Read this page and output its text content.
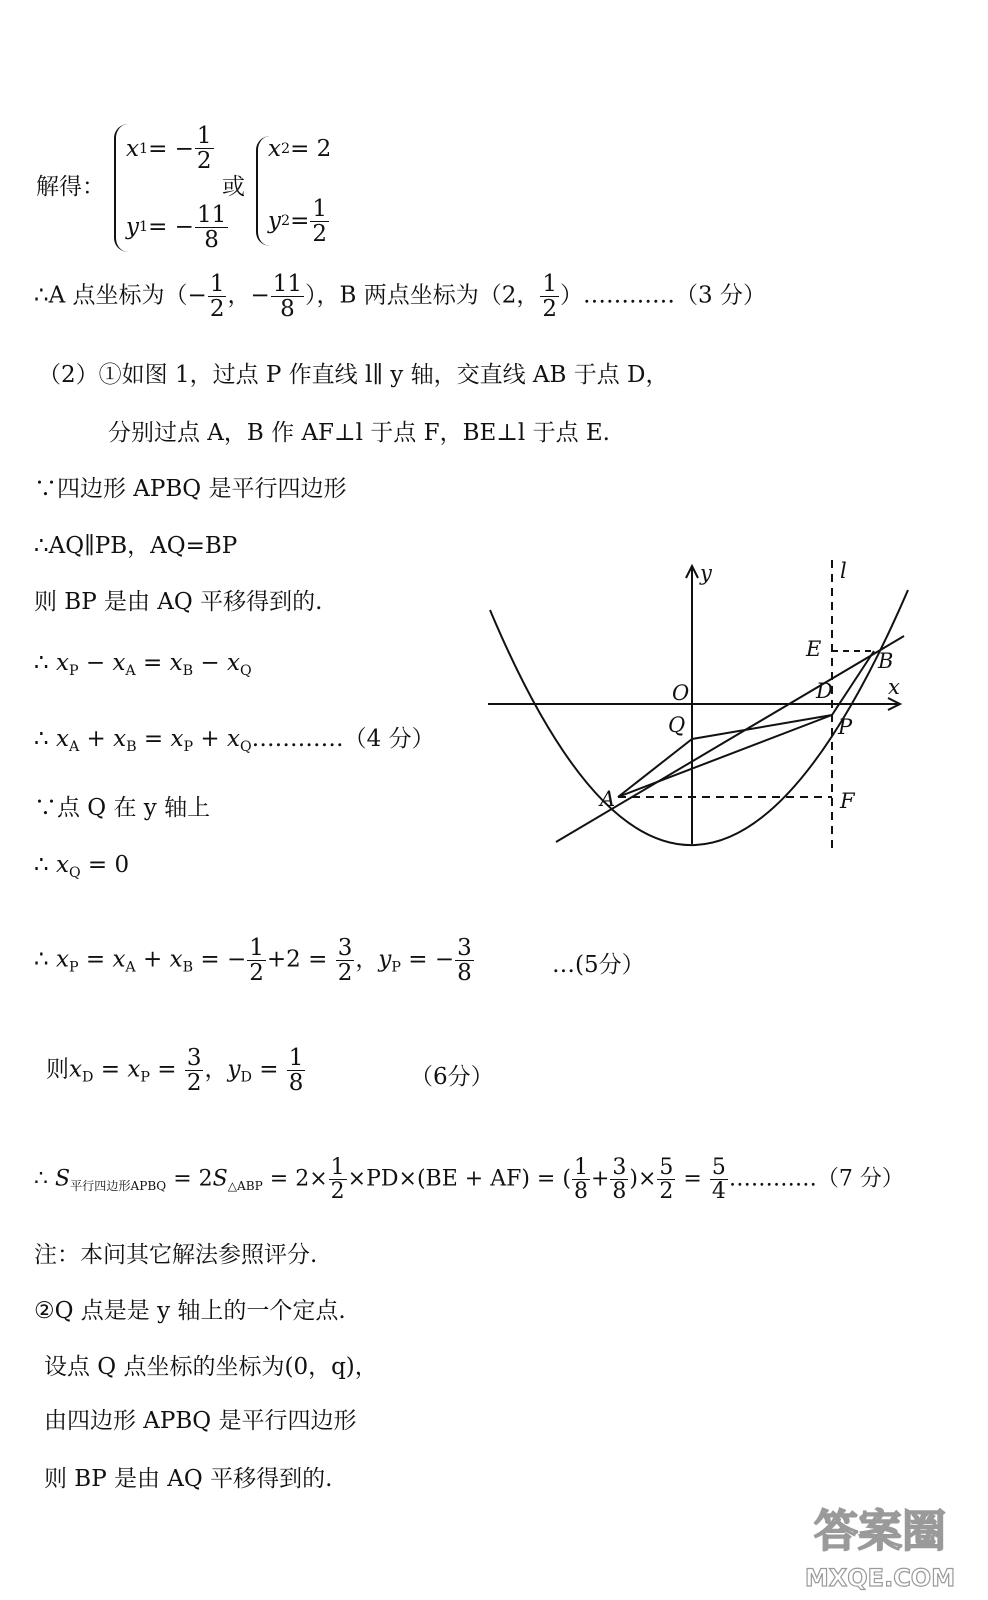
解得：
x 1 = − $\frac{1}{2}$
y 1 = − $\frac{11}{8}$
或
x 2 = 2
y $2 = \frac{1}{2}$
∴A 点坐标为（− $\frac{1}{2}$ ，− $\frac{11}{8}$ ），B 两点坐标为（2， $\frac{1}{2}$ ）…………（3 分）
（2）①如图 1，过点 P 作直线 l∥ y 轴，交直线 AB 于点 D，
分别过点 A，B 作 AF⊥l 于点 F，BE⊥l 于点 E.
∵四边形 APBQ 是平行四边形
∴AQ∥PB，AQ=BP
则 BP 是由 AQ 平移得到的.
∴ $x_P - x_A = x_B - x_Q$
∴ $x_A + x_B = x_P$ + $x_Q\dots\dots\dots\dots(4$ 分）
∵点 Q 在 y 轴上
∴ $x_Q = 0$
∴ $x_P = x_A + x_B$ = − $\frac{1}{2} +2 = \frac{3}{2}$ ，$y_P$ = − $\frac{3}{8}$	…(5分）
则$x_D = x_P = \frac{3}{2}$ ，$y_D = \frac{1}{8}$	（6分）
∴ $S_{平行四边形APBQ} = 2S_{\triangle ABP} = 2\times \frac{1}{2} \times PD\times(BE + AF)$ = ( $\frac{1}{8} + \frac{3}{8}$ )× $\frac{5}{2} = \frac{5}{4}$ …………（7 分）
注：本问其它解法参照评分.
②Q 点是是 y 轴上的一个定点.
设点 Q 点坐标的坐标为(0，q)，
由四边形 APBQ 是平行四边形
则 BP 是由 AQ 平移得到的.
y	l
E	B
x
O	D
Q	P
A	F
答案圈
MXQE.COM
